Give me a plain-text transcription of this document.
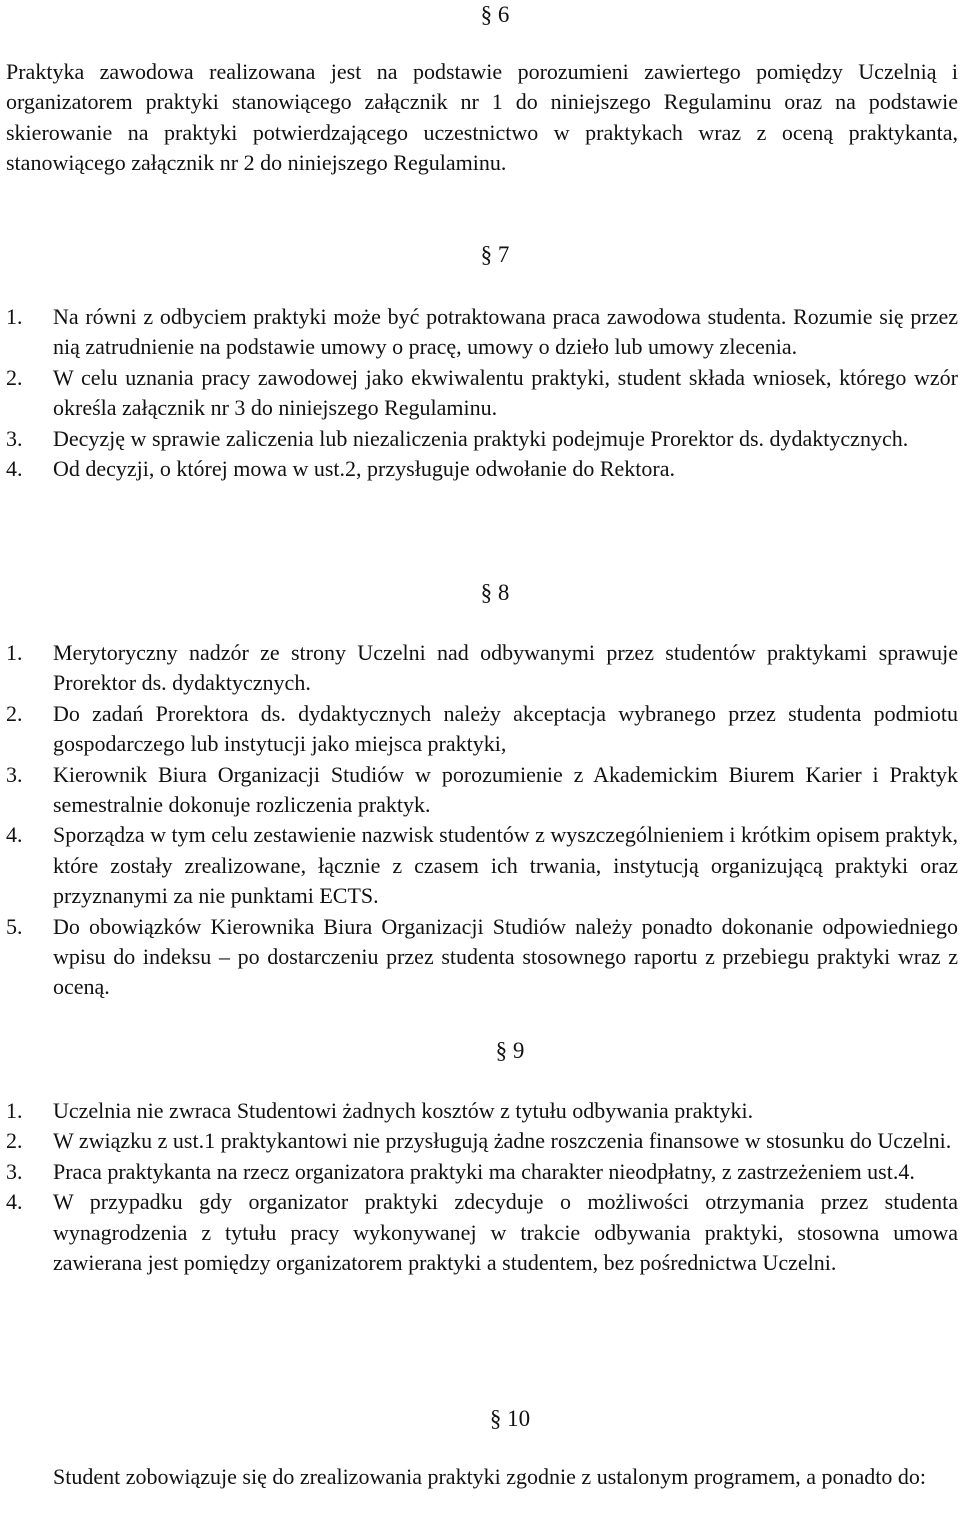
§ 6

Praktyka zawodowa realizowana jest na podstawie porozumieni zawiertego pomiędzy Uczelnią i organizatorem praktyki stanowiącego załącznik nr 1 do niniejszego Regulaminu oraz na podstawie skierowanie na praktyki potwierdzającego uczestnictwo w praktykach wraz z oceną praktykanta, stanowiącego załącznik nr 2 do niniejszego Regulaminu.

§ 7
1. Na równi z odbyciem praktyki może być potraktowana praca zawodowa studenta. Rozumie się przez nią zatrudnienie na podstawie umowy o pracę, umowy o dzieło lub umowy zlecenia.
2. W celu uznania pracy zawodowej jako ekwiwalentu praktyki, student składa wniosek, którego wzór określa załącznik nr 3 do niniejszego Regulaminu.
3. Decyzję w sprawie zaliczenia lub niezaliczenia praktyki podejmuje Prorektor ds. dydaktycznych.
4. Od decyzji, o której mowa w ust.2, przysługuje odwołanie do Rektora.
§ 8
1. Merytoryczny nadzór ze strony Uczelni nad odbywanymi przez studentów praktykami sprawuje Prorektor ds. dydaktycznych.
2. Do zadań Prorektora ds. dydaktycznych należy akceptacja wybranego przez studenta podmiotu gospodarczego lub instytucji jako miejsca praktyki,
3. Kierownik Biura Organizacji Studiów w porozumienie z Akademickim Biurem Karier i Praktyk semestralnie dokonuje rozliczenia praktyk.
4. Sporządza w tym celu zestawienie nazwisk studentów z wyszczególnieniem i krótkim opisem praktyk, które zostały zrealizowane, łącznie z czasem ich trwania, instytucją organizującą praktyki oraz przyznanymi za nie punktami ECTS.
5. Do obowiązków Kierownika Biura Organizacji Studiów należy ponadto dokonanie odpowiedniego wpisu do indeksu – po dostarczeniu przez studenta stosownego raportu z przebiegu praktyki wraz z oceną.
§ 9
1. Uczelnia nie zwraca Studentowi żadnych kosztów z tytułu odbywania praktyki.
2. W związku z ust.1 praktykantowi nie przysługują żadne roszczenia finansowe w stosunku do Uczelni.
3. Praca praktykanta na rzecz organizatora praktyki ma charakter nieodpłatny, z zastrzeżeniem ust.4.
4. W przypadku gdy organizator praktyki zdecyduje o możliwości otrzymania przez studenta wynagrodzenia z tytułu pracy wykonywanej w trakcie odbywania praktyki, stosowna umowa zawierana jest pomiędzy organizatorem praktyki a studentem, bez pośrednictwa Uczelni.
§ 10

Student zobowiązuje się do zrealizowania praktyki zgodnie z ustalonym programem, a ponadto do:
